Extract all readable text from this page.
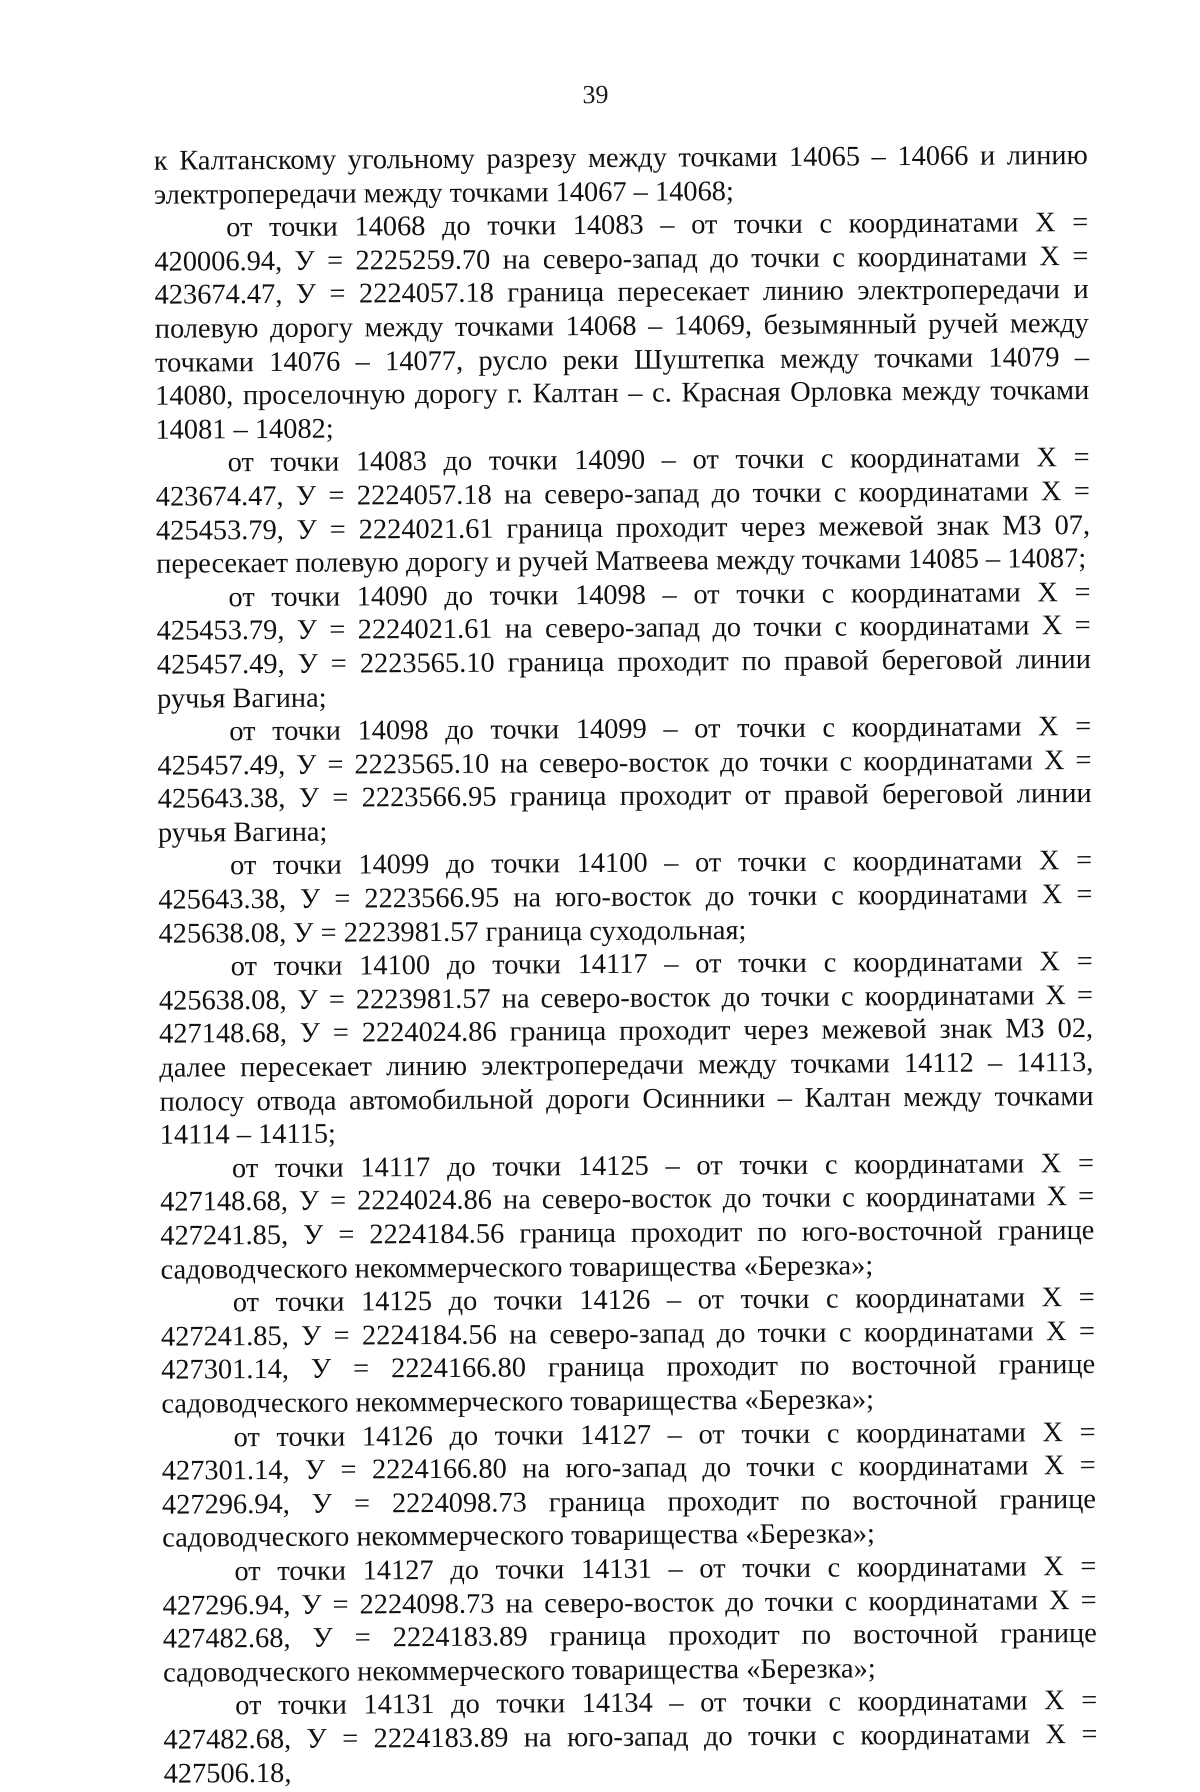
39

к Калтанскому угольному разрезу между точками 14065 – 14066 и линию электропередачи между точками 14067 – 14068;

от точки 14068 до точки 14083 – от точки с координатами Х = 420006.94, У = 2225259.70 на северо-запад до точки с координатами Х = 423674.47, У = 2224057.18 граница пересекает линию электропередачи и полевую дорогу между точками 14068 – 14069, безымянный ручей между точками 14076 – 14077, русло реки Шуштепка между точками 14079 – 14080, проселочную дорогу г. Калтан – с. Красная Орловка между точками 14081 – 14082;

от точки 14083 до точки 14090 – от точки с координатами Х = 423674.47, У = 2224057.18 на северо-запад до точки с координатами Х = 425453.79, У = 2224021.61 граница проходит через межевой знак МЗ 07, пересекает полевую дорогу и ручей Матвеева между точками 14085 – 14087;

от точки 14090 до точки 14098 – от точки с координатами Х = 425453.79, У = 2224021.61 на северо-запад до точки с координатами Х = 425457.49, У = 2223565.10 граница проходит по правой береговой линии ручья Вагина;

от точки 14098 до точки 14099 – от точки с координатами Х = 425457.49, У = 2223565.10 на северо-восток до точки с координатами Х = 425643.38, У = 2223566.95 граница проходит от правой береговой линии ручья Вагина;

от точки 14099 до точки 14100 – от точки с координатами Х = 425643.38, У = 2223566.95 на юго-восток до точки с координатами Х = 425638.08, У = 2223981.57 граница суходольная;

от точки 14100 до точки 14117 – от точки с координатами Х = 425638.08, У = 2223981.57 на северо-восток до точки с координатами Х = 427148.68, У = 2224024.86 граница проходит через межевой знак МЗ 02, далее пересекает линию электропередачи между точками 14112 – 14113, полосу отвода автомобильной дороги Осинники – Калтан между точками 14114 – 14115;

от точки 14117 до точки 14125 – от точки с координатами Х = 427148.68, У = 2224024.86 на северо-восток до точки с координатами Х = 427241.85, У = 2224184.56 граница проходит по юго-восточной границе садоводческого некоммерческого товарищества «Березка»;

от точки 14125 до точки 14126 – от точки с координатами Х = 427241.85, У = 2224184.56 на северо-запад до точки с координатами Х = 427301.14, У = 2224166.80 граница проходит по восточной границе садоводческого некоммерческого товарищества «Березка»;

от точки 14126 до точки 14127 – от точки с координатами Х = 427301.14, У = 2224166.80 на юго-запад до точки с координатами Х = 427296.94, У = 2224098.73 граница проходит по восточной границе садоводческого некоммерческого товарищества «Березка»;

от точки 14127 до точки 14131 – от точки с координатами Х = 427296.94, У = 2224098.73 на северо-восток до точки с координатами Х = 427482.68, У = 2224183.89 граница проходит по восточной границе садоводческого некоммерческого товарищества «Березка»;

от точки 14131 до точки 14134 – от точки с координатами Х = 427482.68, У = 2224183.89 на юго-запад до точки с координатами Х = 427506.18,
